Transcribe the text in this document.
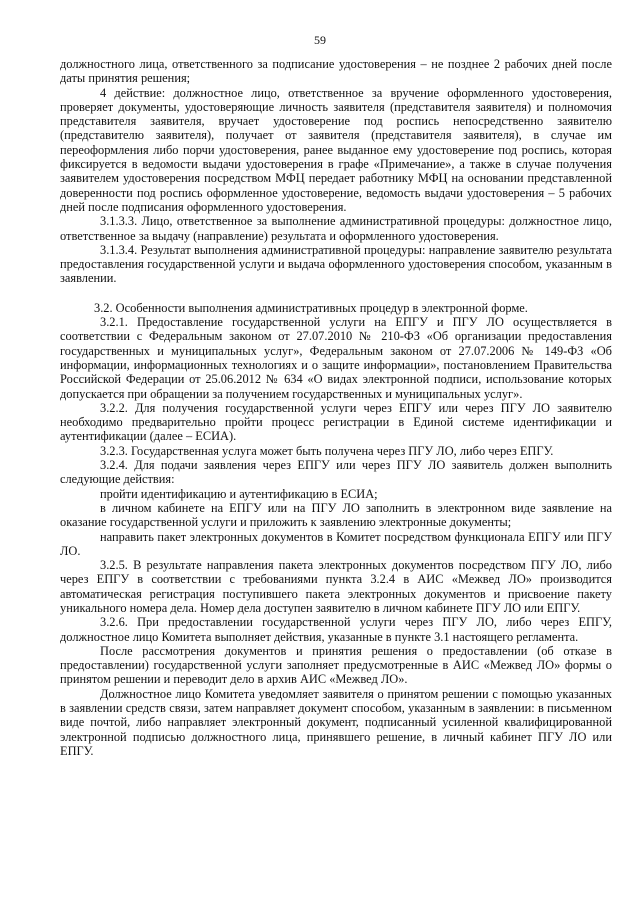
59

должностного лица, ответственного за подписание удостоверения – не позднее 2 рабочих дней после даты принятия решения;

4 действие: должностное лицо, ответственное за вручение оформленного удостоверения, проверяет документы, удостоверяющие личность заявителя (представителя заявителя) и полномочия представителя заявителя, вручает удостоверение под роспись непосредственно заявителю (представителю заявителя), получает от заявителя (представителя заявителя), в случае им переоформления либо порчи удостоверения, ранее выданное ему удостоверение под роспись, которая фиксируется в ведомости выдачи удостоверения в графе «Примечание», а также в случае получения заявителем удостоверения посредством МФЦ передает работнику МФЦ на основании представленной доверенности под роспись оформленное удостоверение, ведомость выдачи удостоверения – 5 рабочих дней после подписания оформленного удостоверения.

3.1.3.3. Лицо, ответственное за выполнение административной процедуры: должностное лицо, ответственное за выдачу (направление) результата и оформленного удостоверения.

3.1.3.4. Результат выполнения административной процедуры: направление заявителю результата предоставления государственной услуги и выдача оформленного удостоверения способом, указанным в заявлении.

3.2. Особенности выполнения административных процедур в электронной форме.

3.2.1. Предоставление государственной услуги на ЕПГУ и ПГУ ЛО осуществляется в соответствии с Федеральным законом от 27.07.2010 № 210-ФЗ «Об организации предоставления государственных и муниципальных услуг», Федеральным законом от 27.07.2006 № 149-ФЗ «Об информации, информационных технологиях и о защите информации», постановлением Правительства Российской Федерации от 25.06.2012 № 634 «О видах электронной подписи, использование которых допускается при обращении за получением государственных и муниципальных услуг».

3.2.2. Для получения государственной услуги через ЕПГУ или через ПГУ ЛО заявителю необходимо предварительно пройти процесс регистрации в Единой системе идентификации и аутентификации (далее – ЕСИА).

3.2.3. Государственная услуга может быть получена через ПГУ ЛО, либо через ЕПГУ.

3.2.4. Для подачи заявления через ЕПГУ или через ПГУ ЛО заявитель должен выполнить следующие действия:

пройти идентификацию и аутентификацию в ЕСИА;

в личном кабинете на ЕПГУ или на ПГУ ЛО заполнить в электронном виде заявление на оказание государственной услуги и приложить к заявлению электронные документы;

направить пакет электронных документов в Комитет посредством функционала ЕПГУ или ПГУ ЛО.

3.2.5. В результате направления пакета электронных документов посредством ПГУ ЛО, либо через ЕПГУ в соответствии с требованиями пункта 3.2.4 в АИС «Межвед ЛО» производится автоматическая регистрация поступившего пакета электронных документов и присвоение пакету уникального номера дела. Номер дела доступен заявителю в личном кабинете ПГУ ЛО или ЕПГУ.

3.2.6. При предоставлении государственной услуги через ПГУ ЛО, либо через ЕПГУ, должностное лицо Комитета выполняет действия, указанные в пункте 3.1 настоящего регламента.

После рассмотрения документов и принятия решения о предоставлении (об отказе в предоставлении) государственной услуги заполняет предусмотренные в АИС «Межвед ЛО» формы о принятом решении и переводит дело в архив АИС «Межвед ЛО».

Должностное лицо Комитета уведомляет заявителя о принятом решении с помощью указанных в заявлении средств связи, затем направляет документ способом, указанным в заявлении: в письменном виде почтой, либо направляет электронный документ, подписанный усиленной квалифицированной электронной подписью должностного лица, принявшего решение, в личный кабинет ПГУ ЛО или ЕПГУ.
